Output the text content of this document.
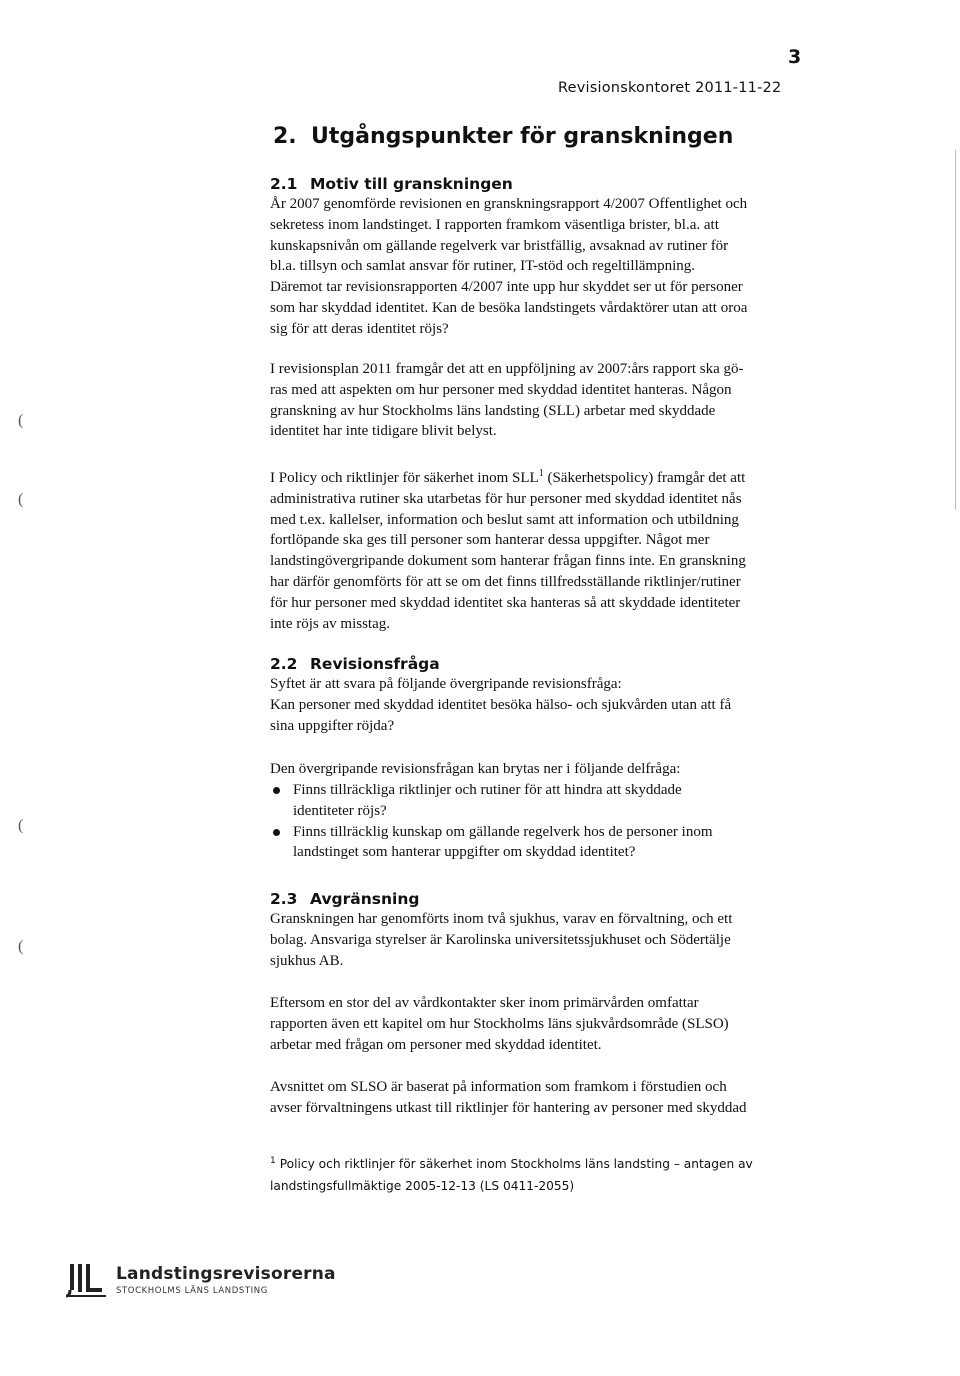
3
Revisionskontoret 2011-11-22
2. Utgångspunkter för granskningen
2.1 Motiv till granskningen

År 2007 genomförde revisionen en granskningsrapport 4/2007 Offentlighet och
sekretess inom landstinget. I rapporten framkom väsentliga brister, bl.a. att
kunskapsnivån om gällande regelverk var bristfällig, avsaknad av rutiner för
bl.a. tillsyn och samlat ansvar för rutiner, IT-stöd och regeltillämpning.
Däremot tar revisionsrapporten 4/2007 inte upp hur skyddet ser ut för personer
som har skyddad identitet. Kan de besöka landstingets vårdaktörer utan att oroa
sig för att deras identitet röjs?

I revisionsplan 2011 framgår det att en uppföljning av 2007:års rapport ska gö-
ras med att aspekten om hur personer med skyddad identitet hanteras. Någon
granskning av hur Stockholms läns landsting (SLL) arbetar med skyddade
identitet har inte tidigare blivit belyst.

I Policy och riktlinjer för säkerhet inom SLL$^1$ (Säkerhetspolicy) framgår det att
administrativa rutiner ska utarbetas för hur personer med skyddad identitet nås
med t.ex. kallelser, information och beslut samt att information och utbildning
fortlöpande ska ges till personer som hanterar dessa uppgifter. Något mer
landstingövergripande dokument som hanterar frågan finns inte. En granskning
har därför genomförts för att se om det finns tillfredsställande riktlinjer/rutiner
för hur personer med skyddad identitet ska hanteras så att skyddade identiteter
inte röjs av misstag.

2.2 Revisionsfråga

Syftet är att svara på följande övergripande revisionsfråga:
Kan personer med skyddad identitet besöka hälso- och sjukvården utan att få
sina uppgifter röjda?

Den övergripande revisionsfrågan kan brytas ner i följande delfråga:

Finns tillräckliga riktlinjer och rutiner för att hindra att skyddade
identiteter röjs?
Finns tillräcklig kunskap om gällande regelverk hos de personer inom
landstinget som hanterar uppgifter om skyddad identitet?
2.3 Avgränsning

Granskningen har genomförts inom två sjukhus, varav en förvaltning, och ett
bolag. Ansvariga styrelser är Karolinska universitetssjukhuset och Södertälje
sjukhus AB.

Eftersom en stor del av vårdkontakter sker inom primärvården omfattar
rapporten även ett kapitel om hur Stockholms läns sjukvårdsområde (SLSO)
arbetar med frågan om personer med skyddad identitet.

Avsnittet om SLSO är baserat på information som framkom i förstudien och
avser förvaltningens utkast till riktlinjer för hantering av personer med skyddad

$^1$ Policy och riktlinjer för säkerhet inom Stockholms läns landsting – antagen av
landstingsfullmäktige 2005-12-13 (LS 0411-2055)
(
(
(
(
Landstingsrevisorerna
STOCKHOLMS LÄNS LANDSTING
